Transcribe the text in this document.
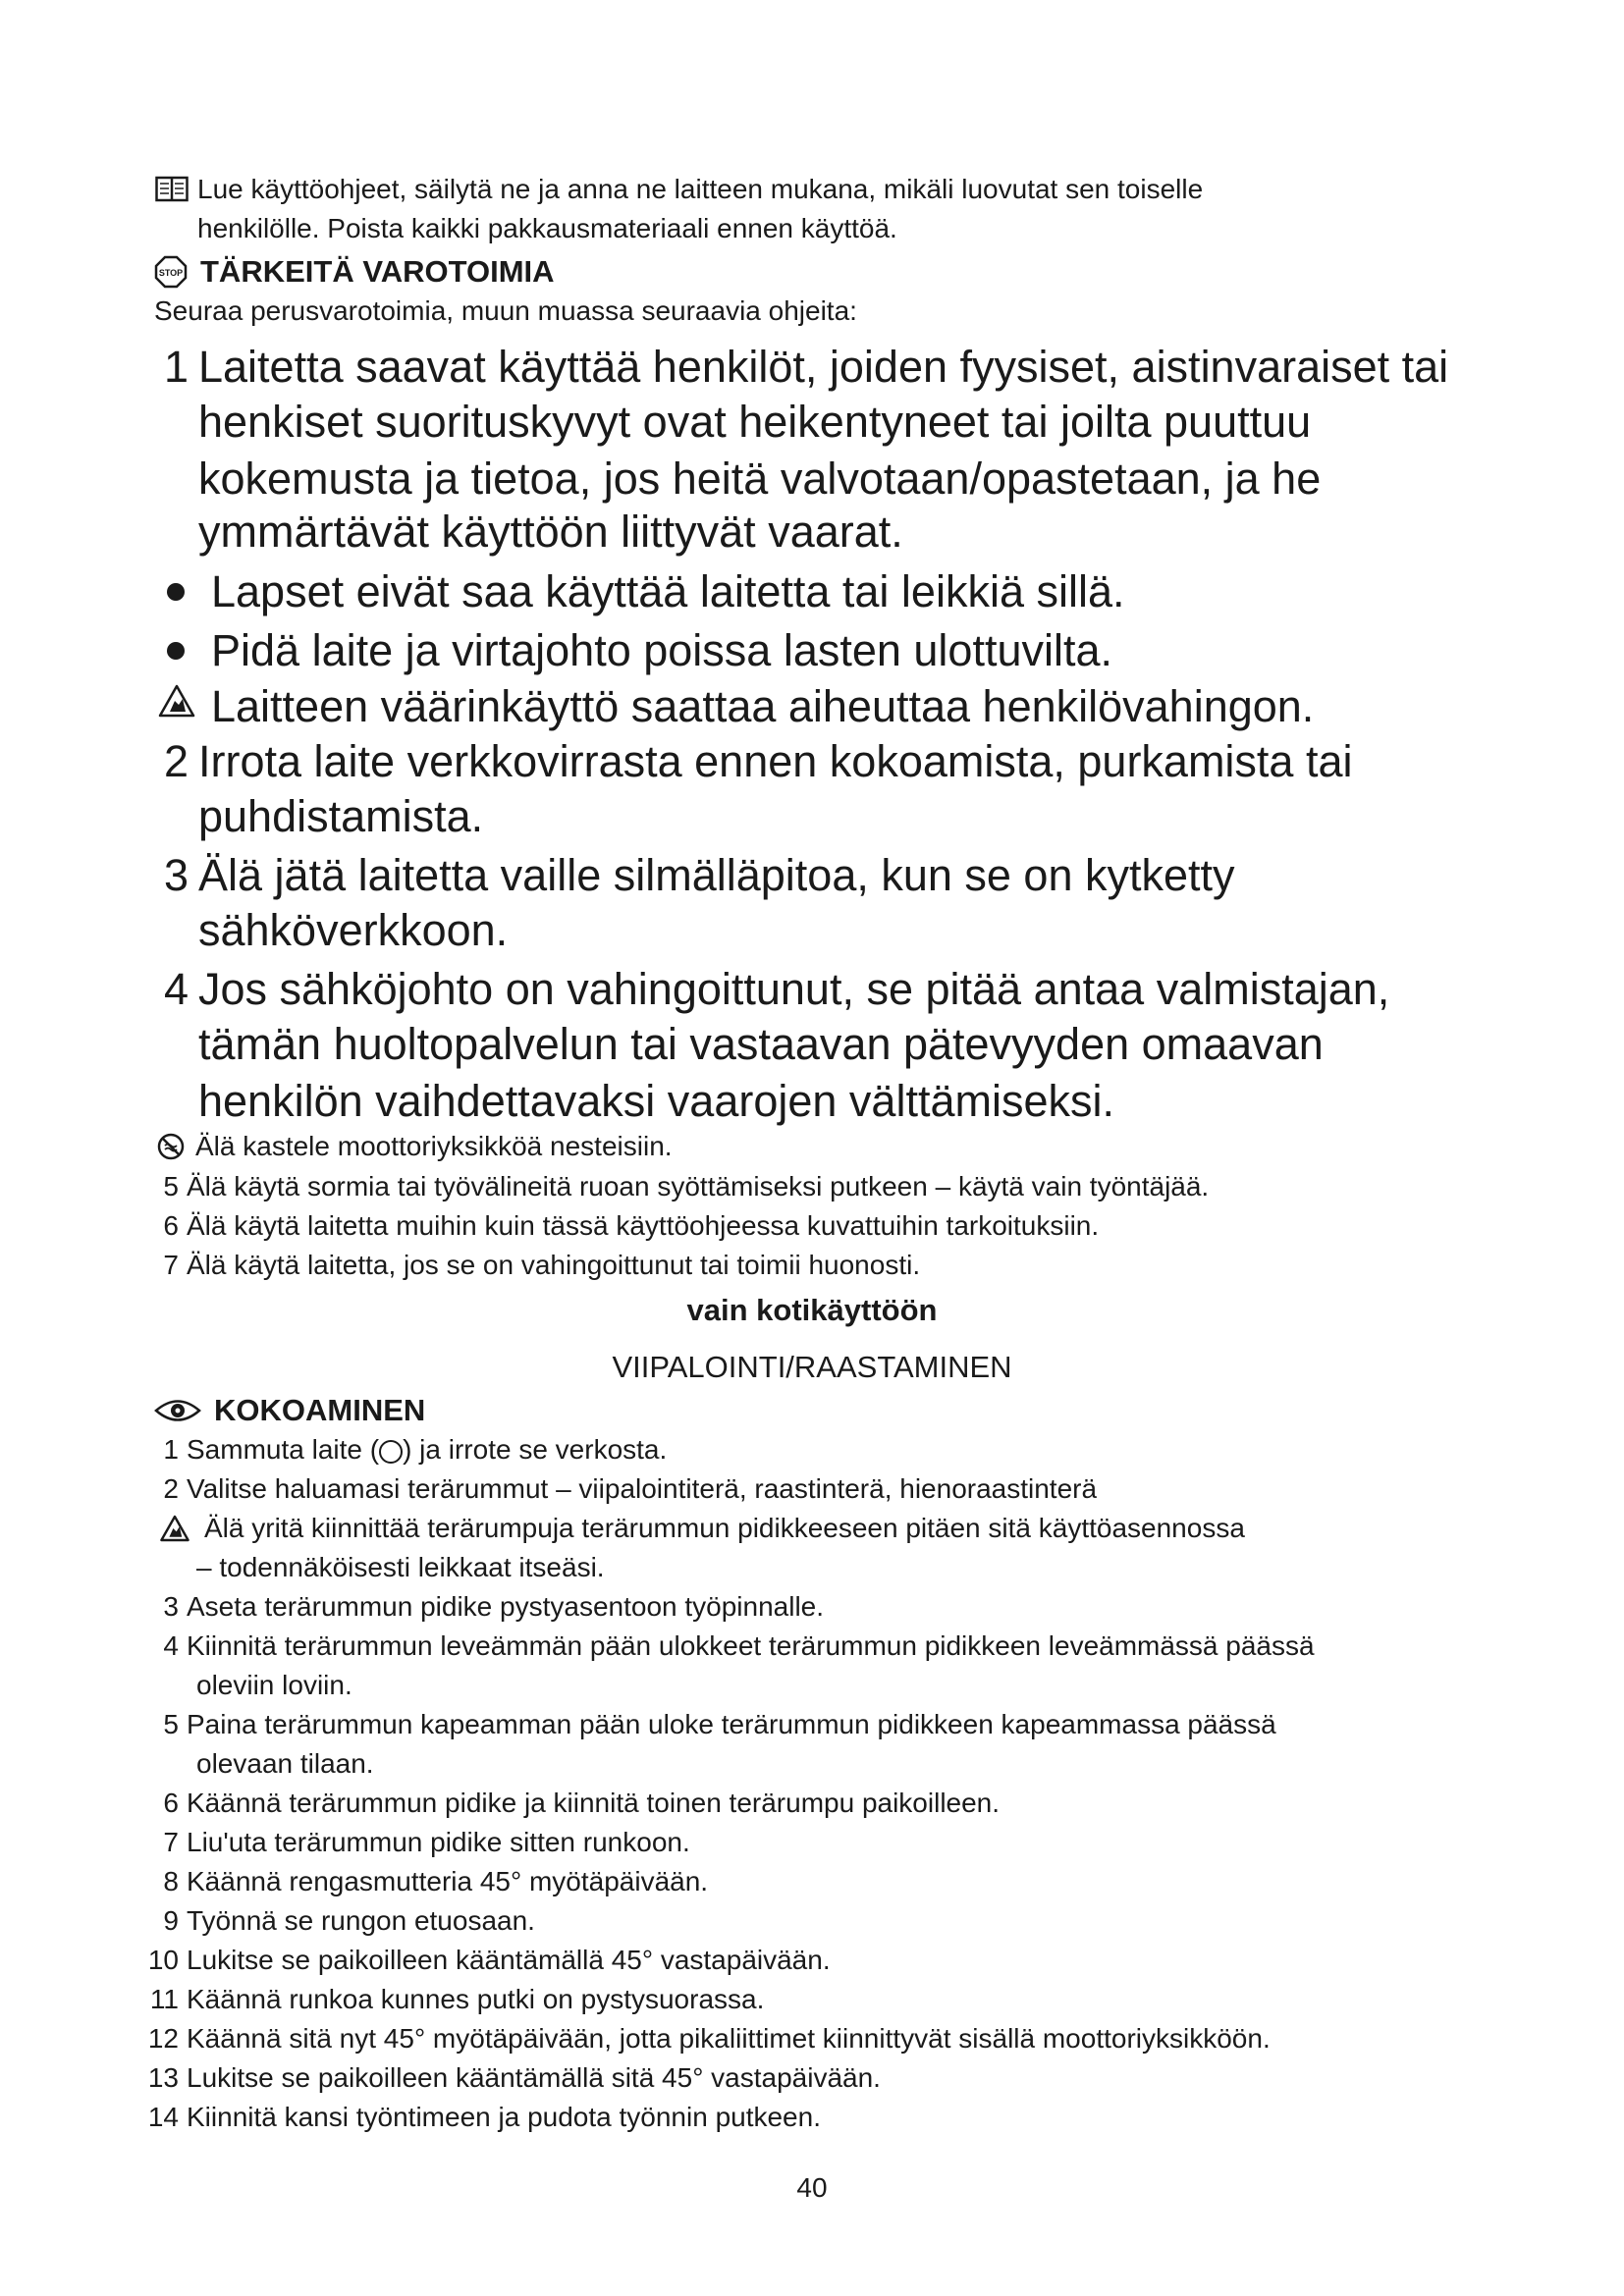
Lue käyttöohjeet, säilytä ne ja anna ne laitteen mukana, mikäli luovutat sen toiselle
henkilölle. Poista kaikki pakkausmateriaali ennen käyttöä.
STOP TÄRKEITÄ VAROTOIMIA
Seuraa perusvarotoimia, muun muassa seuraavia ohjeita:
1 Laitetta saavat käyttää henkilöt, joiden fyysiset, aistinvaraiset tai
henkiset suorituskyvyt ovat heikentyneet tai joilta puuttuu
kokemusta ja tietoa, jos heitä valvotaan/opastetaan, ja he
ymmärtävät käyttöön liittyvät vaarat.
Lapset eivät saa käyttää laitetta tai leikkiä sillä.
Pidä laite ja virtajohto poissa lasten ulottuvilta.
Laitteen väärinkäyttö saattaa aiheuttaa henkilövahingon.
2 Irrota laite verkkovirrasta ennen kokoamista, purkamista tai
puhdistamista.
3 Älä jätä laitetta vaille silmälläpitoa, kun se on kytketty
sähköverkkoon.
4 Jos sähköjohto on vahingoittunut, se pitää antaa valmistajan,
tämän huoltopalvelun tai vastaavan pätevyyden omaavan
henkilön vaihdettavaksi vaarojen välttämiseksi.
Älä kastele moottoriyksikköä nesteisiin.
5 Älä käytä sormia tai työvälineitä ruoan syöttämiseksi putkeen – käytä vain työntäjää.
6 Älä käytä laitetta muihin kuin tässä käyttöohjeessa kuvattuihin tarkoituksiin.
7 Älä käytä laitetta, jos se on vahingoittunut tai toimii huonosti.
vain kotikäyttöön
VIIPALOINTI/RAASTAMINEN
KOKOAMINEN
1 Sammuta laite ( ) ja irrote se verkosta.
2 Valitse haluamasi terärummut – viipalointiterä, raastinterä, hienoraastinterä
Älä yritä kiinnittää terärumpuja terärummun pidikkeeseen pitäen sitä käyttöasennossa
– todennäköisesti leikkaat itseäsi.
3 Aseta terärummun pidike pystyasentoon työpinnalle.
4 Kiinnitä terärummun leveämmän pään ulokkeet terärummun pidikkeen leveämmässä päässä
oleviin loviin.
5 Paina terärummun kapeamman pään uloke terärummun pidikkeen kapeammassa päässä
olevaan tilaan.
6 Käännä terärummun pidike ja kiinnitä toinen terärumpu paikoilleen.
7 Liu'uta terärummun pidike sitten runkoon.
8 Käännä rengasmutteria 45° myötäpäivään.
9 Työnnä se rungon etuosaan.
10 Lukitse se paikoilleen kääntämällä 45° vastapäivään.
11 Käännä runkoa kunnes putki on pystysuorassa.
12 Käännä sitä nyt 45° myötäpäivään, jotta pikaliittimet kiinnittyvät sisällä moottoriyksikköön.
13 Lukitse se paikoilleen kääntämällä sitä 45° vastapäivään.
14 Kiinnitä kansi työntimeen ja pudota työnnin putkeen.
40
